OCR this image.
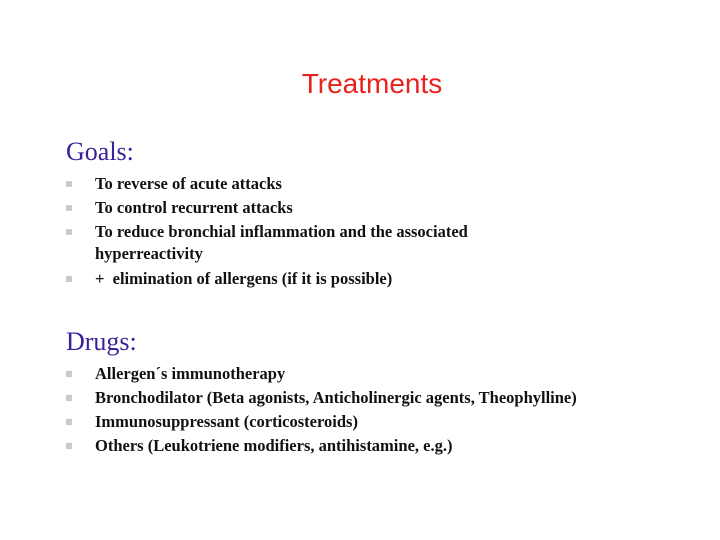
Treatments
Goals:
To reverse of acute attacks
To control recurrent attacks
To reduce bronchial inflammation and the associated hyperreactivity
+  elimination of allergens (if it is possible)
Drugs:
Allergen´s immunotherapy
Bronchodilator (Beta agonists, Anticholinergic agents, Theophylline)
Immunosuppressant (corticosteroids)
Others (Leukotriene modifiers, antihistamine, e.g.)
